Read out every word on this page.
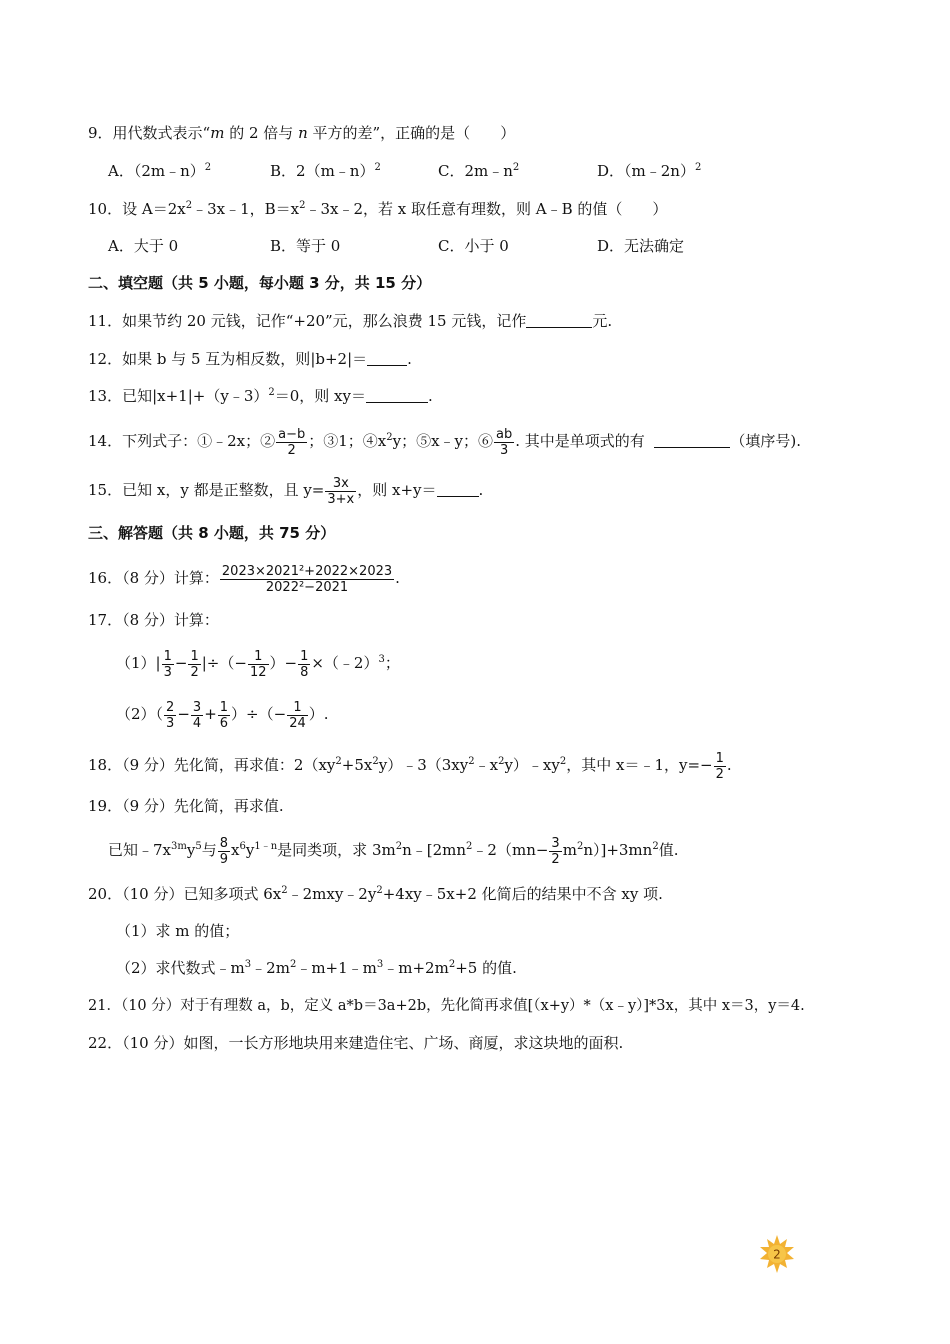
9．用代数式表示“m 的 2 倍与 n 平方的差”，正确的是（　　）
A．（2m﹣n）$^2$	B．2（m﹣n）$^2$	C．$2m﹣n^2$	D．（m﹣2n）$^2$
10．设 $A=2x^2﹣3x﹣1$，$B=x^2﹣3x﹣2$，若 x 取任意有理数，则 A﹣B 的值（　　）
A．大于 0	B．等于 0	C．小于 0	D．无法确定
二、填空题（共 5 小题，每小题 3 分，共 15 分）
11．如果节约 20 元钱，记作“+20”元，那么浪费 15 元钱，记作	元.
12．如果 b 与 5 互为相反数，则|b+2|＝	.
13．已知|x+1|+（y﹣3）$^2$＝0，则 xy＝	.
14．下列式子：①﹣2x；② $\frac{a-b}{2}$ ；③1；$④x^2y$；⑤x﹣y；⑥ $\frac{ab}{3}$ . 其中是单项式的有	（填序号).
15．已知 x，y 都是正整数，且 $y= \frac{3x}{3+x}$ ，则 x+y＝	.
三、解答题（共 8 小题，共 75 分）
16．（8 分）计算： $\frac{\text{2023×2021²+2022×2023}}{\text{2022²−2021}}$ .
17．（8 分）计算：
$(1)| \frac{1}{3} - \frac{1}{2}$ |÷（− $\frac{1}{12}$ ）− $\frac{1}{8}$ ×（﹣2）$^3$；
$(2)( \frac{2}{3} - \frac{3}{4} + \frac{1}{6}$ ）÷（− $\frac{1}{24}$ ）.
18．（9 分）先化简，再求值：$2(xy^2+5x^2y)﹣3(3xy^2﹣x^2y)﹣xy^2$，其中 x＝﹣1，$y=- \frac{1}{2}$ .
19．（9 分）先化简，再求值.
已知$﹣7x^{3m}y^5$与 $\frac{8}{9} x^6y^{1﹣n}$是同类项，求 $3m^2n﹣[2mn^2﹣2(mn- \frac{3}{2} m^2n)]+3mn^2$值.
20．（10 分）已知多项式 $6x^2﹣2mxy﹣2y^2+4xy﹣5x+2$ 化简后的结果中不含 xy 项.
（1）求 m 的值；
（2）求代数式$﹣m^3﹣2m^2﹣m+1﹣m^3﹣m+2m^2+5$ 的值.
21．（10 分）对于有理数 a，b，定义 a*b＝3a+2b，先化简再求值[（x+y）*（x﹣y）]*3x，其中 x＝3，y＝4.
22．（10 分）如图，一长方形地块用来建造住宅、广场、商厦，求这块地的面积.
2
